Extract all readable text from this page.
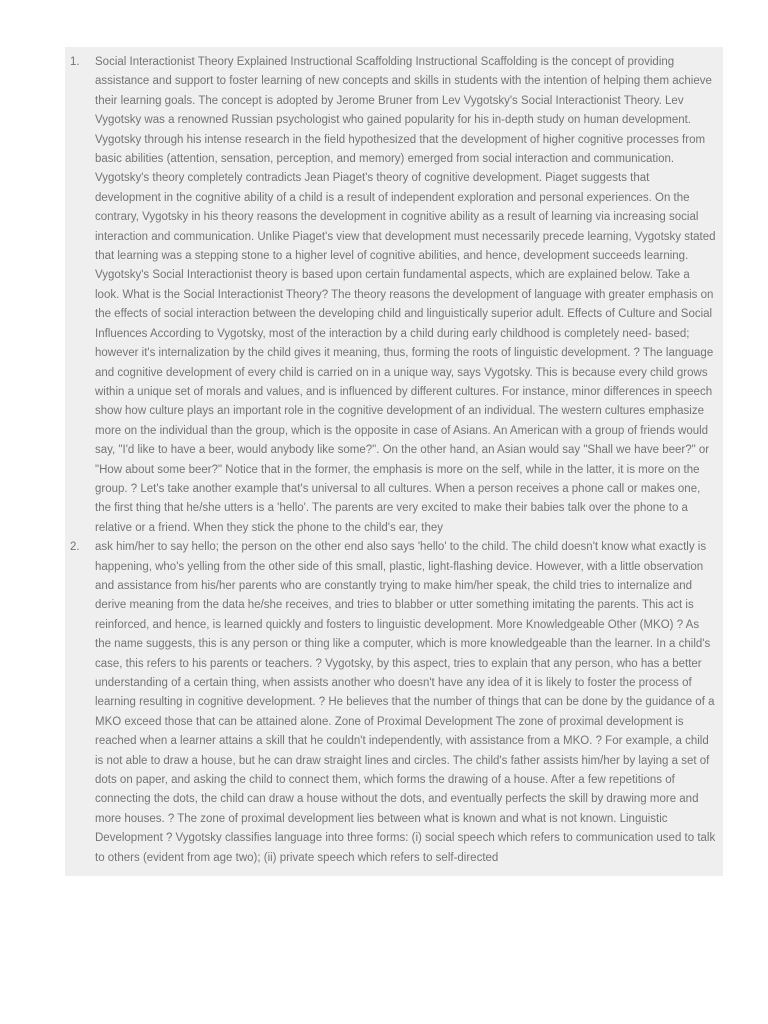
1.	Social Interactionist Theory Explained Instructional Scaffolding Instructional Scaffolding is the concept of providing assistance and support to foster learning of new concepts and skills in students with the intention of helping them achieve their learning goals. The concept is adopted by Jerome Bruner from Lev Vygotsky's Social Interactionist Theory. Lev Vygotsky was a renowned Russian psychologist who gained popularity for his in-depth study on human development. Vygotsky through his intense research in the field hypothesized that the development of higher cognitive processes from basic abilities (attention, sensation, perception, and memory) emerged from social interaction and communication. Vygotsky's theory completely contradicts Jean Piaget's theory of cognitive development. Piaget suggests that development in the cognitive ability of a child is a result of independent exploration and personal experiences. On the contrary, Vygotsky in his theory reasons the development in cognitive ability as a result of learning via increasing social interaction and communication. Unlike Piaget's view that development must necessarily precede learning, Vygotsky stated that learning was a stepping stone to a higher level of cognitive abilities, and hence, development succeeds learning. Vygotsky's Social Interactionist theory is based upon certain fundamental aspects, which are explained below. Take a look. What is the Social Interactionist Theory? The theory reasons the development of language with greater emphasis on the effects of social interaction between the developing child and linguistically superior adult. Effects of Culture and Social Influences According to Vygotsky, most of the interaction by a child during early childhood is completely need- based; however it's internalization by the child gives it meaning, thus, forming the roots of linguistic development. ? The language and cognitive development of every child is carried on in a unique way, says Vygotsky. This is because every child grows within a unique set of morals and values, and is influenced by different cultures. For instance, minor differences in speech show how culture plays an important role in the cognitive development of an individual. The western cultures emphasize more on the individual than the group, which is the opposite in case of Asians. An American with a group of friends would say, "I'd like to have a beer, would anybody like some?". On the other hand, an Asian would say "Shall we have beer?" or "How about some beer?" Notice that in the former, the emphasis is more on the self, while in the latter, it is more on the group. ? Let's take another example that's universal to all cultures. When a person receives a phone call or makes one, the first thing that he/she utters is a 'hello'. The parents are very excited to make their babies talk over the phone to a relative or a friend. When they stick the phone to the child's ear, they
2.	ask him/her to say hello; the person on the other end also says 'hello' to the child. The child doesn't know what exactly is happening, who's yelling from the other side of this small, plastic, light-flashing device. However, with a little observation and assistance from his/her parents who are constantly trying to make him/her speak, the child tries to internalize and derive meaning from the data he/she receives, and tries to blabber or utter something imitating the parents. This act is reinforced, and hence, is learned quickly and fosters to linguistic development. More Knowledgeable Other (MKO) ? As the name suggests, this is any person or thing like a computer, which is more knowledgeable than the learner. In a child's case, this refers to his parents or teachers. ? Vygotsky, by this aspect, tries to explain that any person, who has a better understanding of a certain thing, when assists another who doesn't have any idea of it is likely to foster the process of learning resulting in cognitive development. ? He believes that the number of things that can be done by the guidance of a MKO exceed those that can be attained alone. Zone of Proximal Development The zone of proximal development is reached when a learner attains a skill that he couldn't independently, with assistance from a MKO. ? For example, a child is not able to draw a house, but he can draw straight lines and circles. The child's father assists him/her by laying a set of dots on paper, and asking the child to connect them, which forms the drawing of a house. After a few repetitions of connecting the dots, the child can draw a house without the dots, and eventually perfects the skill by drawing more and more houses. ? The zone of proximal development lies between what is known and what is not known. Linguistic Development ? Vygotsky classifies language into three forms: (i) social speech which refers to communication used to talk to others (evident from age two); (ii) private speech which refers to self-directed
